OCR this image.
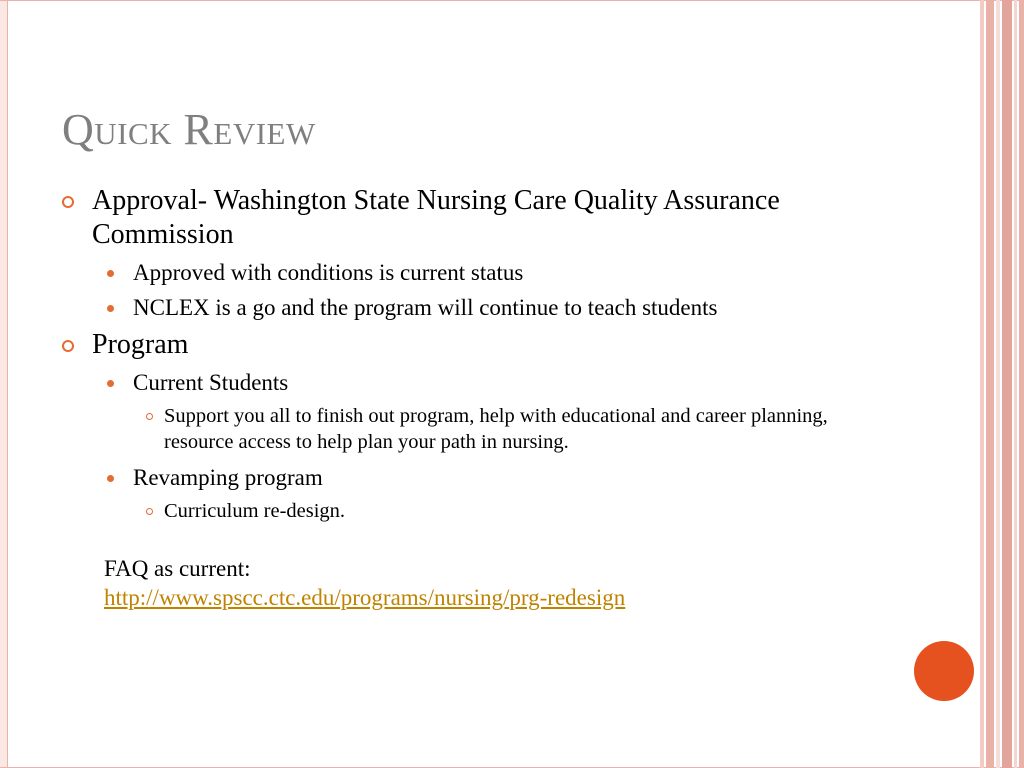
Quick Review
Approval- Washington State Nursing Care Quality Assurance Commission
Approved with conditions is current status
NCLEX is a go and the program will continue to teach students
Program
Current Students
Support you all to finish out program, help with educational and career planning, resource access to help plan your path in nursing.
Revamping program
Curriculum re-design.
FAQ as current:
http://www.spscc.ctc.edu/programs/nursing/prg-redesign
